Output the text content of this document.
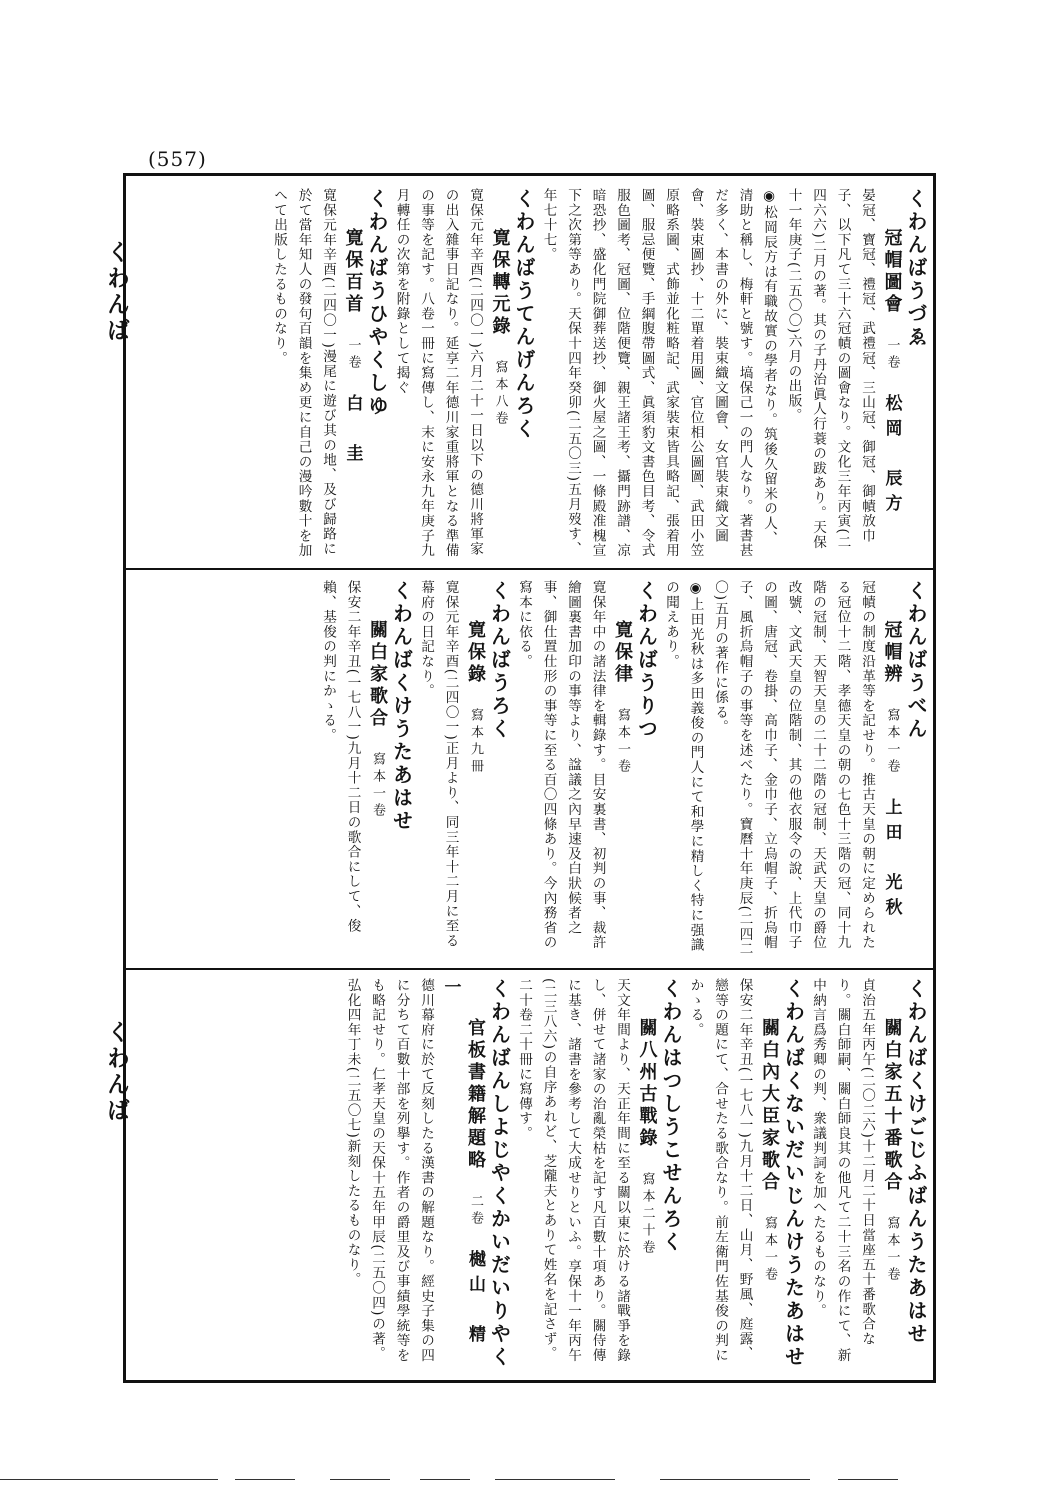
(557)
くわんば
くわんば
くわんばうづゑ
冠帽圖會一卷松岡　辰方
晏冠、寶冠、禮冠、武禮冠、三山冠、御冠、御幘放巾子、以下凡て三十六冠幘の圖會なり。文化三年丙寅(二四六六)二月の著。其の子丹治眞人行蓑の跋あり。天保十一年庚子(二五〇〇)六月の出版。
◉松岡辰方は有職故實の學者なり。筑後久留米の人、清助と稱し、梅軒と號す。塙保己一の門人なり。著書甚だ多く、本書の外に、裝束織文圖會、女官裝束織文圖會、裝束圖抄、十二單着用圖、官位相公圖圖、武田小笠原略系圖、式飾並化粧略記、武家裝束皆具略記、張着用圖、服忌便覽、手綱腹帶圖式、眞須豹文書色目考、令式服色圖考、冠圖、位階便覽、親王諸王考、攝門跡譜、凉暗恐抄、盛化門院御葬送抄、御火屋之圖、一條殿准槐宣下之次第等あり。天保十四年癸卯(二五〇三)五月歿す、年七十七。

くわんばうてんげんろく
寛保轉元錄寫本八卷
寛保元年辛酉(二四〇一)六月二十一日以下の德川將軍家の出入雜事日記なり。延享二年德川家重將軍となる準備の事等を記す。八卷一冊に寫傳し、末に安永九年庚子九月轉任の次第を附錄として揭ぐ

くわんばうひやくしゆ
寛保百首一卷白　圭
寛保元年辛酉(二四〇一)漫尾に遊び其の地、及び歸路に於て當年知人の發句百韻を集め更に自己の漫吟數十を加へて出版したるものなり。
くわんばうべん
冠帽辨寫本一卷上田　光秋
冠幘の制度沿革等を記せり。推古天皇の朝に定められたる冠位十二階、孝德天皇の朝の七色十三階の冠、同十九階の冠制、天智天皇の二十二階の冠制、天武天皇の爵位改號、文武天皇の位階制、其の他衣服令の說、上代巾子の圖、唐冠、卷掛、高巾子、金巾子、立烏帽子、折烏帽子、風折烏帽子の事等を述べたり。寶曆十年庚辰(二四二〇)五月の著作に係る。
◉上田光秋は多田義俊の門人にて和學に精しく特に强識の聞えあり。

くわんばうりつ
寛保律寫本一卷
寛保年中の諸法律を輯錄す。目安裏書、初判の事、裁許繪圖裏書加印の事等より、諡議之內早速及白狀候者之事、御仕置仕形の事等に至る百〇四條あり。今內務省の寫本に依る。

くわんばうろく
寛保錄寫本九冊
寛保元年辛酉(二四〇一)正月より、同三年十二月に至る幕府の日記なり。

くわんばくけうたあはせ
關白家歌合寫本一卷
保安二年辛丑(一七八一)九月十二日の歌合にして、俊賴、基俊の判にかゝる。
くわんばくけごじふばんうたあはせ
關白家五十番歌合寫本一卷
貞治五年丙午(二〇二六)十二月二十日當座五十番歌合なり。關白師嗣、關白師良其の他凡て二十三名の作にて、新中納言爲秀卿の判、衆議判詞を加へたるものなり。

くわんばくないだいじんけうたあはせ
關白內大臣家歌合寫本一卷
保安二年辛丑(一七八一)九月十二日、山月、野風、庭露、戀等の題にて、合せたる歌合なり。前左衛門佐基俊の判にかゝる。

くわんはつしうこせんろく
關八州古戰錄寫本二十卷
天文年間より、天正年間に至る關以東に於ける諸戰爭を錄し、併せて諸家の治亂榮枯を記す凡百數十項あり。關侍傳に基き、諸書を參考して大成せりといふ。享保十一年丙午(二三八六)の自序あれど、芝隴夫とありて姓名を記さず。二十卷二十冊に寫傳す。

くわんばんしよじやくかいだいりやく
官板書籍解題略二卷樾山　精一
德川幕府に於て反刻したる漢書の解題なり。經史子集の四に分ちて百數十部を列擧す。作者の爵里及び事績學統等をも略記せり。仁孝天皇の天保十五年甲辰(二五〇四)の著。弘化四年丁未(二五〇七)新刻したるものなり。
